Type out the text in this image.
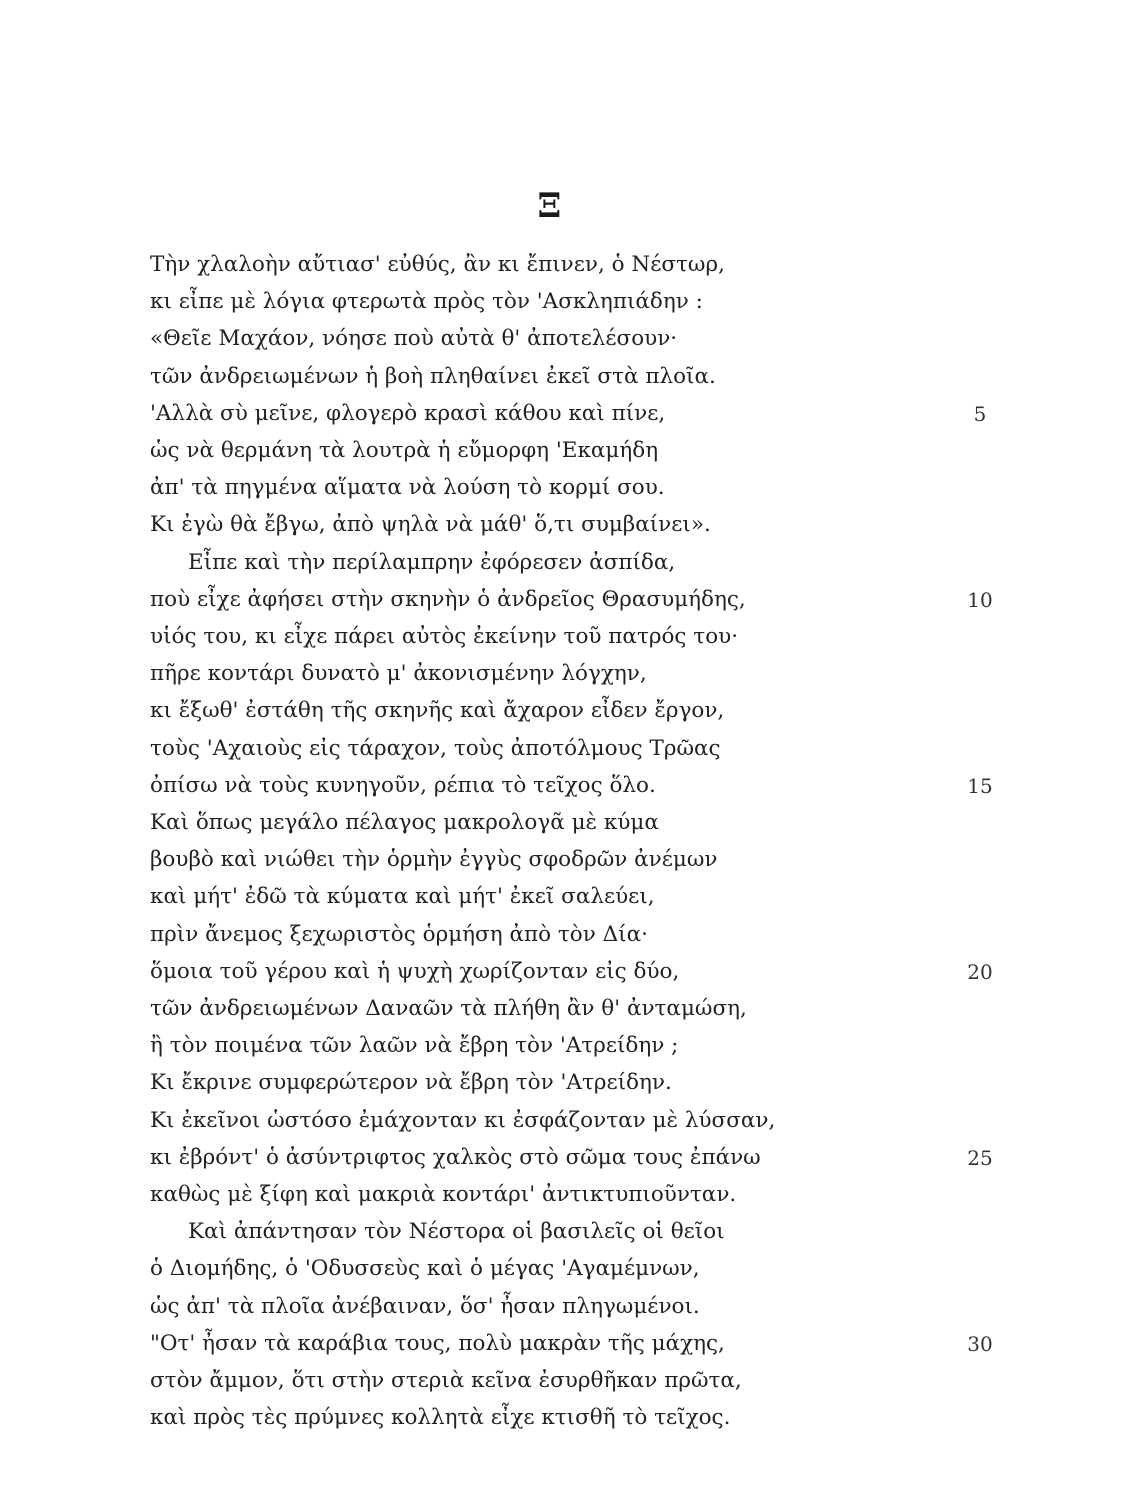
Ξ
Τὴν χλαλοὴν αὔτιασ' εὐθύς, ἂν κι ἔπινεν, ὁ Νέστωρ,
κι εἶπε μὲ λόγια φτερωτὰ πρὸς τὸν 'Ασκληπιάδην :
«Θεῖε Μαχάον, νόησε ποὺ αὐτὰ θ' ἀποτελέσουν·
τῶν ἀνδρειωμένων ἡ βοὴ πληθαίνει ἐκεῖ στὰ πλοῖα.
'Αλλὰ σὺ μεῖνε, φλογερὸ κρασὶ κάθου καὶ πίνε,	5
ὡς νὰ θερμάνη τὰ λουτρὰ ἡ εὔμορφη 'Εκαμήδη
ἀπ' τὰ πηγμένα αἵματα νὰ λούση τὸ κορμί σου.
Κι ἐγὼ θὰ ἔβγω, ἀπὸ ψηλὰ νὰ μάθ' ὅ,τι συμβαίνει».
Εἶπε καὶ τὴν περίλαμπρην ἐφόρεσεν ἀσπίδα,
ποὺ εἶχε ἀφήσει στὴν σκηνὴν ὁ ἀνδρεῖος Θρασυμήδης,	10
υἱός του, κι εἶχε πάρει αὐτὸς ἐκείνην τοῦ πατρός του·
πῆρε κοντάρι δυνατὸ μ' ἀκονισμένην λόγχην,
κι ἔξωθ' ἐστάθη τῆς σκηνῆς καὶ ἄχαρον εἶδεν ἔργον,
τοὺς 'Αχαιοὺς εἰς τάραχον, τοὺς ἀποτόλμους Τρῶας
ὀπίσω νὰ τοὺς κυνηγοῦν, ρέπια τὸ τεῖχος ὅλο.	15
Καὶ ὅπως μεγάλο πέλαγος μακρολογᾶ μὲ κύμα
βουβὸ καὶ νιώθει τὴν ὁρμὴν ἐγγὺς σφοδρῶν ἀνέμων
καὶ μήτ' ἐδῶ τὰ κύματα καὶ μήτ' ἐκεῖ σαλεύει,
πρὶν ἄνεμος ξεχωριστὸς ὁρμήση ἀπὸ τὸν Δία·
ὅμοια τοῦ γέρου καὶ ἡ ψυχὴ χωρίζονταν εἰς δύο,	20
τῶν ἀνδρειωμένων Δαναῶν τὰ πλήθη ἂν θ' ἀνταμώση,
ἢ τὸν ποιμένα τῶν λαῶν νὰ ἔβρη τὸν 'Ατρείδην ;
Κι ἔκρινε συμφερώτερον νὰ ἔβρη τὸν 'Ατρείδην.
Κι ἐκεῖνοι ὡστόσο ἐμάχονταν κι ἐσφάζονταν μὲ λύσσαν,
κι ἐβρόντ' ὁ ἀσύντριφτος χαλκὸς στὸ σῶμα τους ἐπάνω	25
καθὼς μὲ ξίφη καὶ μακριὰ κοντάρι' ἀντικτυπιοῦνταν.
Καὶ ἀπάντησαν τὸν Νέστορα οἱ βασιλεῖς οἱ θεῖοι
ὁ Διομήδης, ὁ 'Οδυσσεὺς καὶ ὁ μέγας 'Αγαμέμνων,
ὡς ἀπ' τὰ πλοῖα ἀνέβαιναν, ὅσ' ἦσαν πληγωμένοι.
"Οτ' ἦσαν τὰ καράβια τους, πολὺ μακρὰν τῆς μάχης,	30
στὸν ἄμμον, ὅτι στὴν στεριὰ κεῖνα ἐσυρθῆκαν πρῶτα,
καὶ πρὸς τὲς πρύμνες κολλητὰ εἶχε κτισθῆ τὸ τεῖχος.
